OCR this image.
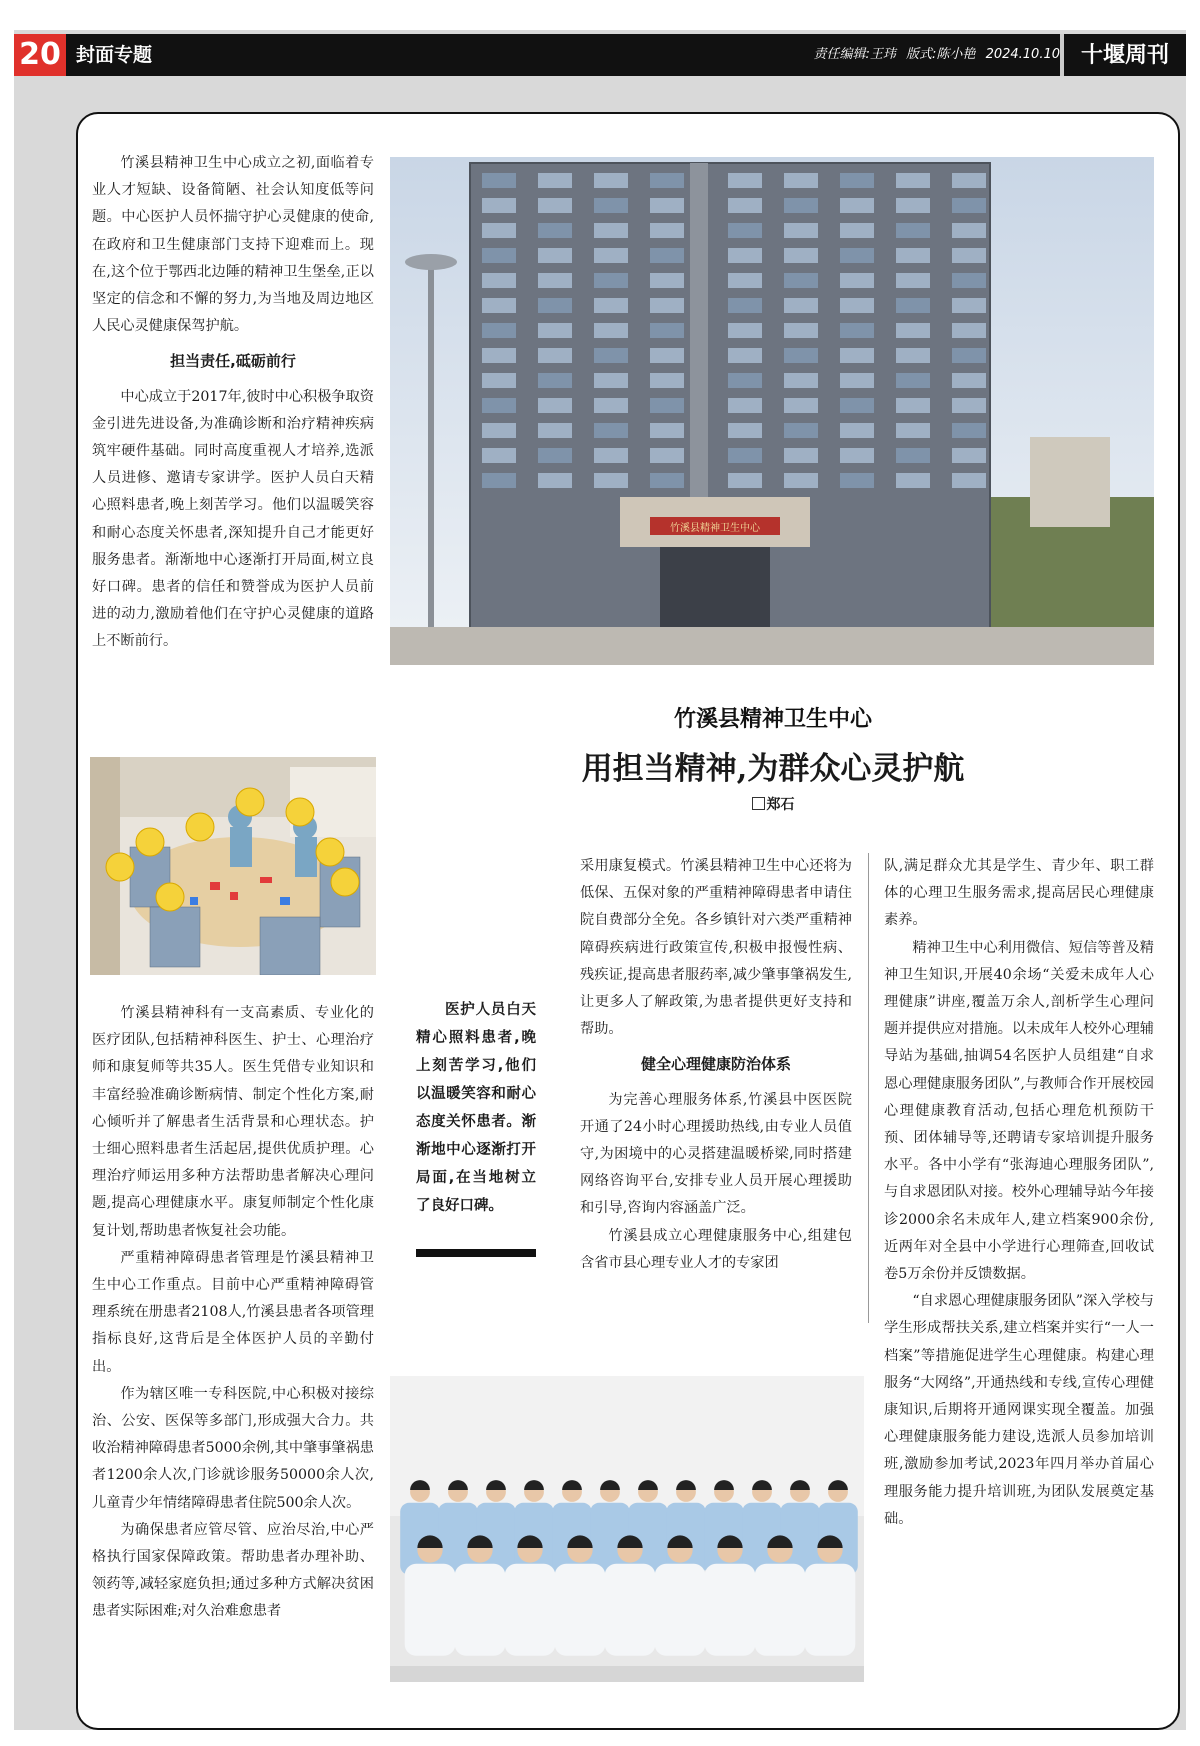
20 封面专题	责任编辑:王玮 版式:陈小艳 2024.10.10 十堰周刊

竹溪县精神卫生中心成立之初,面临着专业人才短缺、设备简陋、社会认知度低等问题。中心医护人员怀揣守护心灵健康的使命,在政府和卫生健康部门支持下迎难而上。现在,这个位于鄂西北边陲的精神卫生堡垒,正以坚定的信念和不懈的努力,为当地及周边地区人民心灵健康保驾护航。

担当责任,砥砺前行

中心成立于2017年,彼时中心积极争取资金引进先进设备,为准确诊断和治疗精神疾病筑牢硬件基础。同时高度重视人才培养,选派人员进修、邀请专家讲学。医护人员白天精心照料患者,晚上刻苦学习。他们以温暖笑容和耐心态度关怀患者,深知提升自己才能更好服务患者。渐渐地中心逐渐打开局面,树立良好口碑。患者的信任和赞誉成为医护人员前进的动力,激励着他们在守护心灵健康的道路上不断前行。

竹溪县精神科有一支高素质、专业化的医疗团队,包括精神科医生、护士、心理治疗师和康复师等共35人。医生凭借专业知识和丰富经验准确诊断病情、制定个性化方案,耐心倾听并了解患者生活背景和心理状态。护士细心照料患者生活起居,提供优质护理。心理治疗师运用多种方法帮助患者解决心理问题,提高心理健康水平。康复师制定个性化康复计划,帮助患者恢复社会功能。

严重精神障碍患者管理是竹溪县精神卫生中心工作重点。目前中心严重精神障碍管理系统在册患者2108人,竹溪县患者各项管理指标良好,这背后是全体医护人员的辛勤付出。

作为辖区唯一专科医院,中心积极对接综治、公安、医保等多部门,形成强大合力。共收治精神障碍患者5000余例,其中肇事肇祸患者1200余人次,门诊就诊服务50000余人次,儿童青少年情绪障碍患者住院500余人次。

为确保患者应管尽管、应治尽治,中心严格执行国家保障政策。帮助患者办理补助、领药等,减轻家庭负担;通过多种方式解决贫困患者实际困难;对久治难愈患者

竹溪县精神卫生中心
竹溪县精神卫生中心
用担当精神,为群众心灵护航
郑石
医护人员白天精心照料患者,晚上刻苦学习,他们以温暖笑容和耐心态度关怀患者。渐渐地中心逐渐打开局面,在当地树立了良好口碑。

采用康复模式。竹溪县精神卫生中心还将为低保、五保对象的严重精神障碍患者申请住院自费部分全免。各乡镇针对六类严重精神障碍疾病进行政策宣传,积极申报慢性病、残疾证,提高患者服药率,减少肇事肇祸发生,让更多人了解政策,为患者提供更好支持和帮助。

健全心理健康防治体系

为完善心理服务体系,竹溪县中医医院开通了24小时心理援助热线,由专业人员值守,为困境中的心灵搭建温暖桥梁,同时搭建网络咨询平台,安排专业人员开展心理援助和引导,咨询内容涵盖广泛。

竹溪县成立心理健康服务中心,组建包含省市县心理专业人才的专家团

队,满足群众尤其是学生、青少年、职工群体的心理卫生服务需求,提高居民心理健康素养。

精神卫生中心利用微信、短信等普及精神卫生知识,开展40余场“关爱未成年人心理健康”讲座,覆盖万余人,剖析学生心理问题并提供应对措施。以未成年人校外心理辅导站为基础,抽调54名医护人员组建“自求恩心理健康服务团队”,与教师合作开展校园心理健康教育活动,包括心理危机预防干预、团体辅导等,还聘请专家培训提升服务水平。各中小学有“张海迪心理服务团队”,与自求恩团队对接。校外心理辅导站今年接诊2000余名未成年人,建立档案900余份,近两年对全县中小学进行心理筛查,回收试卷5万余份并反馈数据。

“自求恩心理健康服务团队”深入学校与学生形成帮扶关系,建立档案并实行“一人一档案”等措施促进学生心理健康。构建心理服务“大网络”,开通热线和专线,宣传心理健康知识,后期将开通网课实现全覆盖。加强心理健康服务能力建设,选派人员参加培训班,激励参加考试,2023年四月举办首届心理服务能力提升培训班,为团队发展奠定基础。
